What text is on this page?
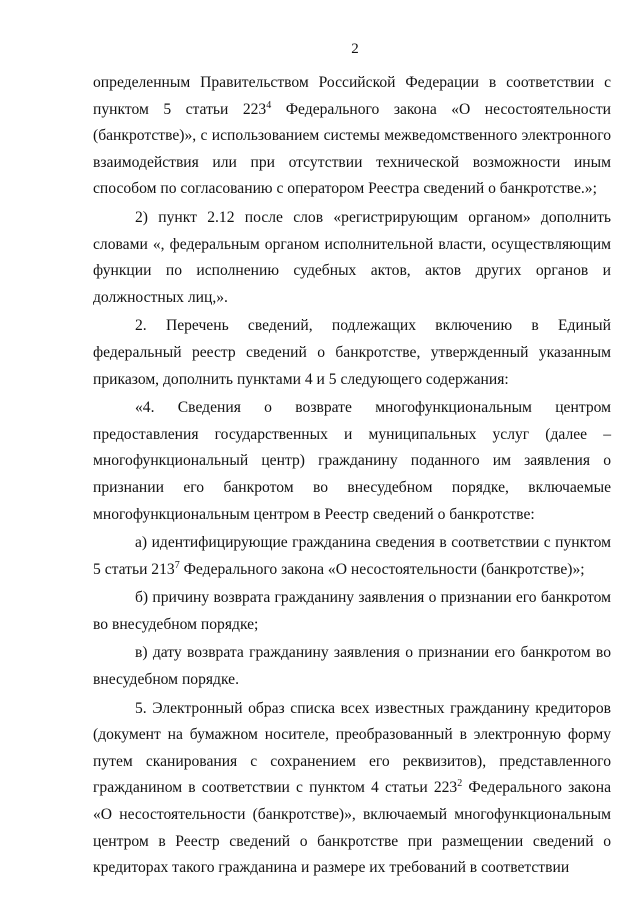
2

определенным Правительством Российской Федерации в соответствии с пунктом 5 статьи $223^4$ Федерального закона «О несостоятельности (банкротстве)», с использованием системы межведомственного электронного взаимодействия или при отсутствии технической возможности иным способом по согласованию с оператором Реестра сведений о банкротстве.»;

2) пункт 2.12 после слов «регистрирующим органом» дополнить словами «, федеральным органом исполнительной власти, осуществляющим функции по исполнению судебных актов, актов других органов и должностных лиц,».

2. Перечень сведений, подлежащих включению в Единый федеральный реестр сведений о банкротстве, утвержденный указанным приказом, дополнить пунктами 4 и 5 следующего содержания:

«4. Сведения о возврате многофункциональным центром предоставления государственных и муниципальных услуг (далее – многофункциональный центр) гражданину поданного им заявления о признании его банкротом во внесудебном порядке, включаемые многофункциональным центром в Реестр сведений о банкротстве:

а) идентифицирующие гражданина сведения в соответствии с пунктом 5 статьи $213^7$ Федерального закона «О несостоятельности (банкротстве)»;

б) причину возврата гражданину заявления о признании его банкротом во внесудебном порядке;

в) дату возврата гражданину заявления о признании его банкротом во внесудебном порядке.

5. Электронный образ списка всех известных гражданину кредиторов (документ на бумажном носителе, преобразованный в электронную форму путем сканирования с сохранением его реквизитов), представленного гражданином в соответствии с пунктом 4 статьи $223^2$ Федерального закона «О несостоятельности (банкротстве)», включаемый многофункциональным центром в Реестр сведений о банкротстве при размещении сведений о кредиторах такого гражданина и размере их требований в соответствии
